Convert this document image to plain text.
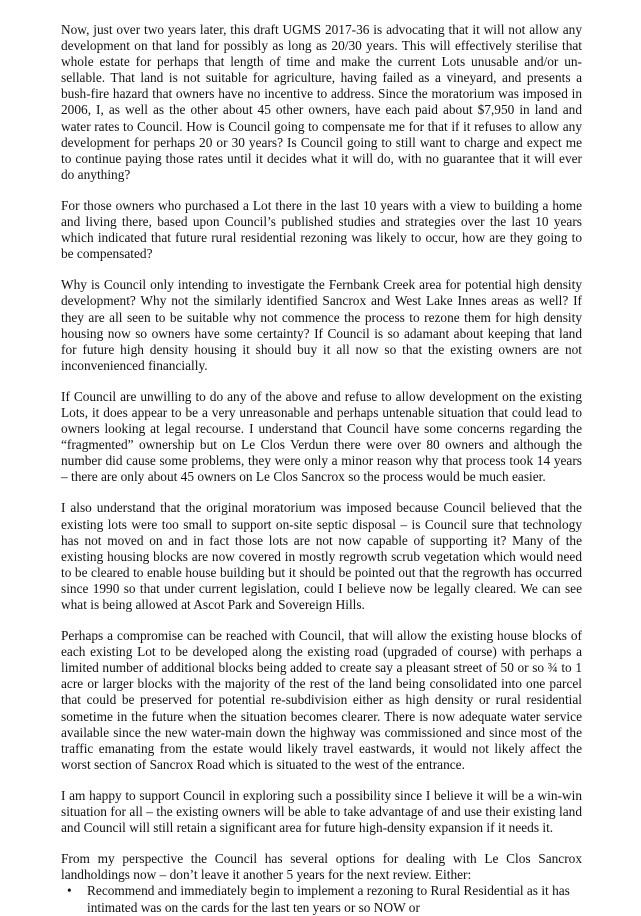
Now, just over two years later, this draft UGMS 2017-36 is advocating that it will not allow any development on that land for possibly as long as 20/30 years. This will effectively sterilise that whole estate for perhaps that length of time and make the current Lots unusable and/or un-sellable. That land is not suitable for agriculture, having failed as a vineyard, and presents a bush-fire hazard that owners have no incentive to address. Since the moratorium was imposed in 2006, I, as well as the other about 45 other owners, have each paid about $7,950 in land and water rates to Council. How is Council going to compensate me for that if it refuses to allow any development for perhaps 20 or 30 years? Is Council going to still want to charge and expect me to continue paying those rates until it decides what it will do, with no guarantee that it will ever do anything?

For those owners who purchased a Lot there in the last 10 years with a view to building a home and living there, based upon Council’s published studies and strategies over the last 10 years which indicated that future rural residential rezoning was likely to occur, how are they going to be compensated?

Why is Council only intending to investigate the Fernbank Creek area for potential high density development? Why not the similarly identified Sancrox and West Lake Innes areas as well? If they are all seen to be suitable why not commence the process to rezone them for high density housing now so owners have some certainty? If Council is so adamant about keeping that land for future high density housing it should buy it all now so that the existing owners are not inconvenienced financially.

If Council are unwilling to do any of the above and refuse to allow development on the existing Lots, it does appear to be a very unreasonable and perhaps untenable situation that could lead to owners looking at legal recourse. I understand that Council have some concerns regarding the “fragmented” ownership but on Le Clos Verdun there were over 80 owners and although the number did cause some problems, they were only a minor reason why that process took 14 years – there are only about 45 owners on Le Clos Sancrox so the process would be much easier.

I also understand that the original moratorium was imposed because Council believed that the existing lots were too small to support on-site septic disposal – is Council sure that technology has not moved on and in fact those lots are not now capable of supporting it? Many of the existing housing blocks are now covered in mostly regrowth scrub vegetation which would need to be cleared to enable house building but it should be pointed out that the regrowth has occurred since 1990 so that under current legislation, could I believe now be legally cleared. We can see what is being allowed at Ascot Park and Sovereign Hills.

Perhaps a compromise can be reached with Council, that will allow the existing house blocks of each existing Lot to be developed along the existing road (upgraded of course) with perhaps a limited number of additional blocks being added to create say a pleasant street of 50 or so ¾ to 1 acre or larger blocks with the majority of the rest of the land being consolidated into one parcel that could be preserved for potential re-subdivision either as high density or rural residential sometime in the future when the situation becomes clearer. There is now adequate water service available since the new water-main down the highway was commissioned and since most of the traffic emanating from the estate would likely travel eastwards, it would not likely affect the worst section of Sancrox Road which is situated to the west of the entrance.

I am happy to support Council in exploring such a possibility since I believe it will be a win-win situation for all – the existing owners will be able to take advantage of and use their existing land and Council will still retain a significant area for future high-density expansion if it needs it.

From my perspective the Council has several options for dealing with Le Clos Sancrox landholdings now – don’t leave it another 5 years for the next review. Either:

• Recommend and immediately begin to implement a rezoning to Rural Residential as it has intimated was on the cards for the last ten years or so NOW or
